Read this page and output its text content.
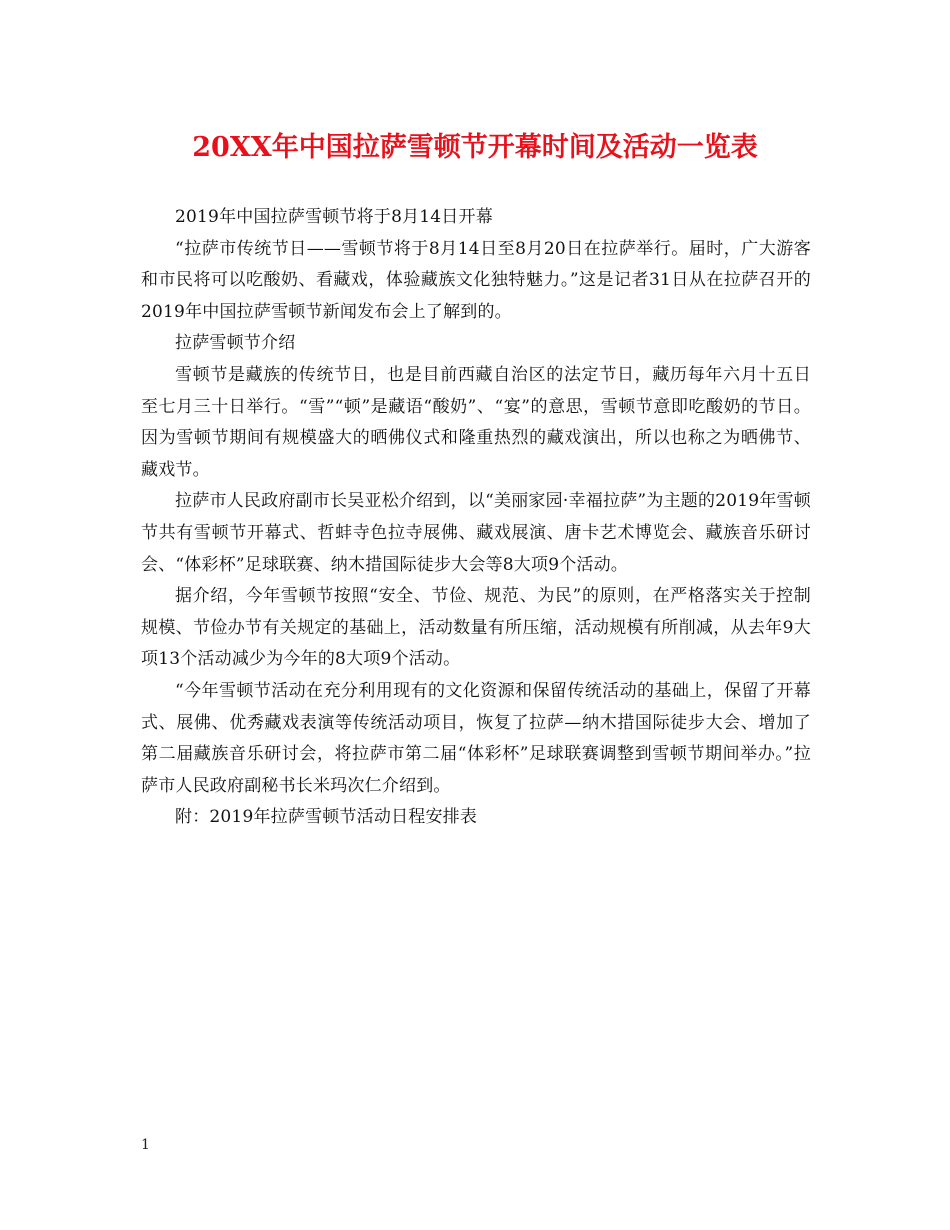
20XX年中国拉萨雪顿节开幕时间及活动一览表

2019年中国拉萨雪顿节将于8月14日开幕

“拉萨市传统节日——雪顿节将于8月14日至8月20日在拉萨举行。届时，广大游客和市民将可以吃酸奶、看藏戏，体验藏族文化独特魅力。”这是记者31日从在拉萨召开的2019年中国拉萨雪顿节新闻发布会上了解到的。

拉萨雪顿节介绍

雪顿节是藏族的传统节日，也是目前西藏自治区的法定节日，藏历每年六月十五日至七月三十日举行。“雪”“顿”是藏语“酸奶”、“宴”的意思，雪顿节意即吃酸奶的节日。因为雪顿节期间有规模盛大的晒佛仪式和隆重热烈的藏戏演出，所以也称之为晒佛节、藏戏节。

拉萨市人民政府副市长吴亚松介绍到，以“美丽家园·幸福拉萨”为主题的2019年雪顿节共有雪顿节开幕式、哲蚌寺色拉寺展佛、藏戏展演、唐卡艺术博览会、藏族音乐研讨会、“体彩杯”足球联赛、纳木措国际徒步大会等8大项9个活动。

据介绍，今年雪顿节按照“安全、节俭、规范、为民”的原则，在严格落实关于控制规模、节俭办节有关规定的基础上，活动数量有所压缩，活动规模有所削减，从去年9大项13个活动减少为今年的8大项9个活动。

“今年雪顿节活动在充分利用现有的文化资源和保留传统活动的基础上，保留了开幕式、展佛、优秀藏戏表演等传统活动项目，恢复了拉萨—纳木措国际徒步大会、增加了第二届藏族音乐研讨会，将拉萨市第二届“体彩杯”足球联赛调整到雪顿节期间举办。”拉萨市人民政府副秘书长米玛次仁介绍到。

附：2019年拉萨雪顿节活动日程安排表

1
